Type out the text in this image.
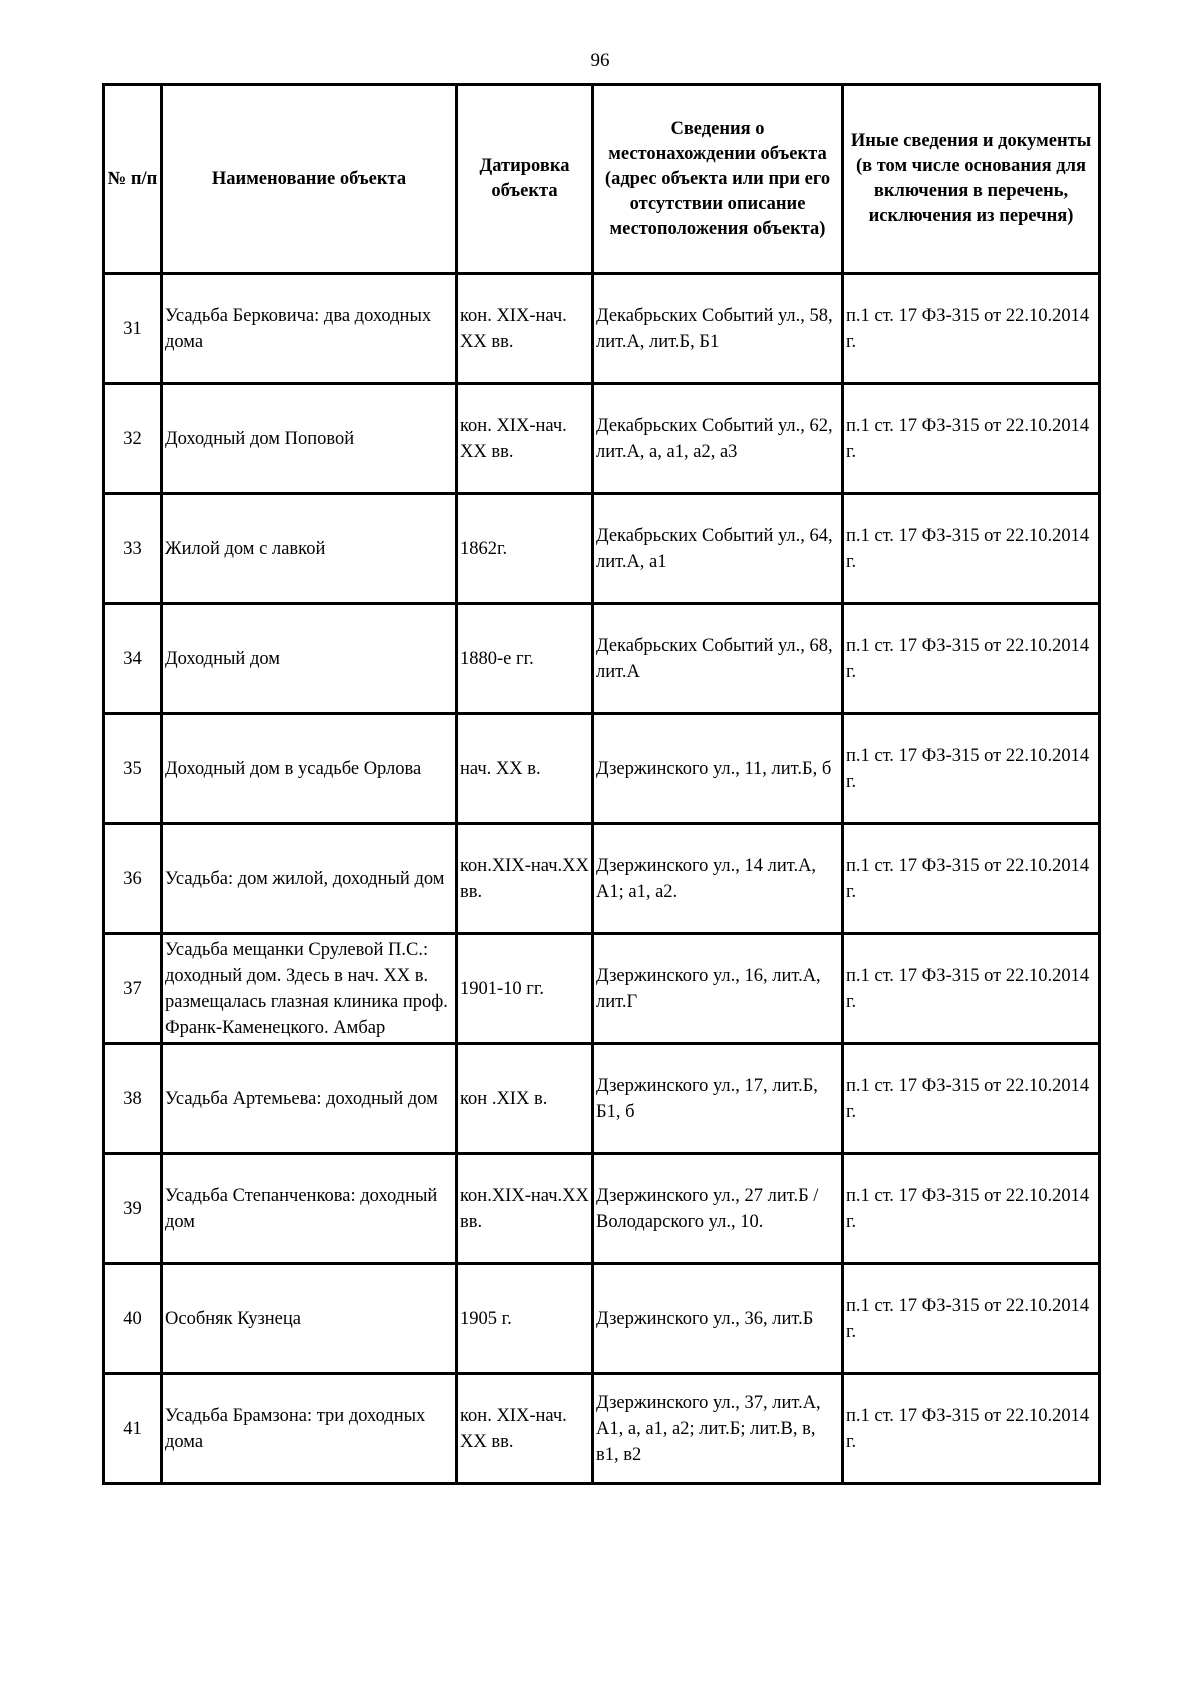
96
№ п/п	Наименование объекта	Датировка объекта	Сведения о местонахождении объекта (адрес объекта или при его отсутствии описание местоположения объекта)	Иные сведения и документы (в том числе основания для включения в перечень, исключения из перечня)
31	Усадьба Берковича: два доходных дома	кон. XIX-нач. XX вв.	Декабрьских Событий ул., 58, лит.А, лит.Б, Б1	п.1 ст. 17 ФЗ-315 от 22.10.2014 г.
32	Доходный дом Поповой	кон. XIX-нач. XX вв.	Декабрьских Событий ул., 62, лит.А, а, а1, а2, а3	п.1 ст. 17 ФЗ-315 от 22.10.2014 г.
33	Жилой дом с лавкой	1862г.	Декабрьских Событий ул., 64, лит.А, а1	п.1 ст. 17 ФЗ-315 от 22.10.2014 г.
34	Доходный дом	1880-е гг.	Декабрьских Событий ул., 68, лит.А	п.1 ст. 17 ФЗ-315 от 22.10.2014 г.
35	Доходный дом в усадьбе Орлова	нач. XX в.	Дзержинского ул., 11, лит.Б, б	п.1 ст. 17 ФЗ-315 от 22.10.2014 г.
36	Усадьба: дом жилой, доходный дом	кон.XIX-нач.XX вв.	Дзержинского ул., 14 лит.А, А1; а1, а2.	п.1 ст. 17 ФЗ-315 от 22.10.2014 г.
37	Усадьба мещанки Срулевой П.С.: доходный дом. Здесь в нач. XX в. размещалась глазная клиника проф. Франк-Каменецкого. Амбар	1901-10 гг.	Дзержинского ул., 16, лит.А, лит.Г	п.1 ст. 17 ФЗ-315 от 22.10.2014 г.
38	Усадьба Артемьева: доходный дом	кон .XIX в.	Дзержинского ул., 17, лит.Б, Б1, б	п.1 ст. 17 ФЗ-315 от 22.10.2014 г.
39	Усадьба Степанченкова: доходный дом	кон.XIX-нач.XX вв.	Дзержинского ул., 27 лит.Б / Володарского ул., 10.	п.1 ст. 17 ФЗ-315 от 22.10.2014 г.
40	Особняк Кузнеца	1905 г.	Дзержинского ул., 36, лит.Б	п.1 ст. 17 ФЗ-315 от 22.10.2014 г.
41	Усадьба Брамзона: три доходных дома	кон. XIX-нач. XX вв.	Дзержинского ул., 37, лит.А, А1, а, а1, а2; лит.Б; лит.В, в, в1, в2	п.1 ст. 17 ФЗ-315 от 22.10.2014 г.
